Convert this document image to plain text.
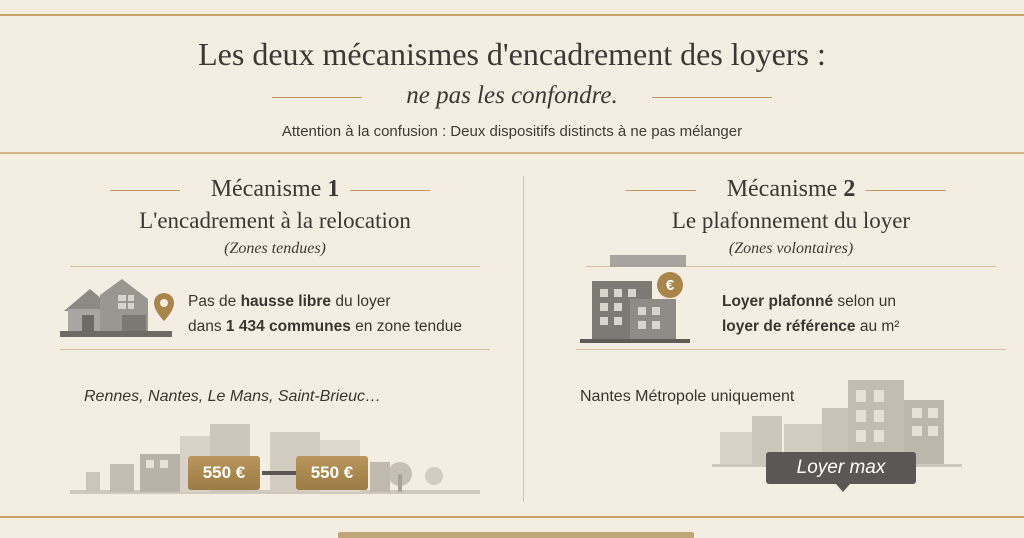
Les deux mécanismes d'encadrement des loyers :
ne pas les confondre.
Attention à la confusion : Deux dispositifs distincts à ne pas mélanger
Mécanisme 1
L'encadrement à la relocation
(Zones tendues)
Pas de hausse libre du loyer
dans 1 434 communes en zone tendue
Rennes, Nantes, Le Mans, Saint-Brieuc…
550 €	550 €
Mécanisme 2
Le plafonnement du loyer
(Zones volontaires)
€
Loyer plafonné selon un
loyer de référence au m²
Nantes Métropole uniquement
Loyer max
